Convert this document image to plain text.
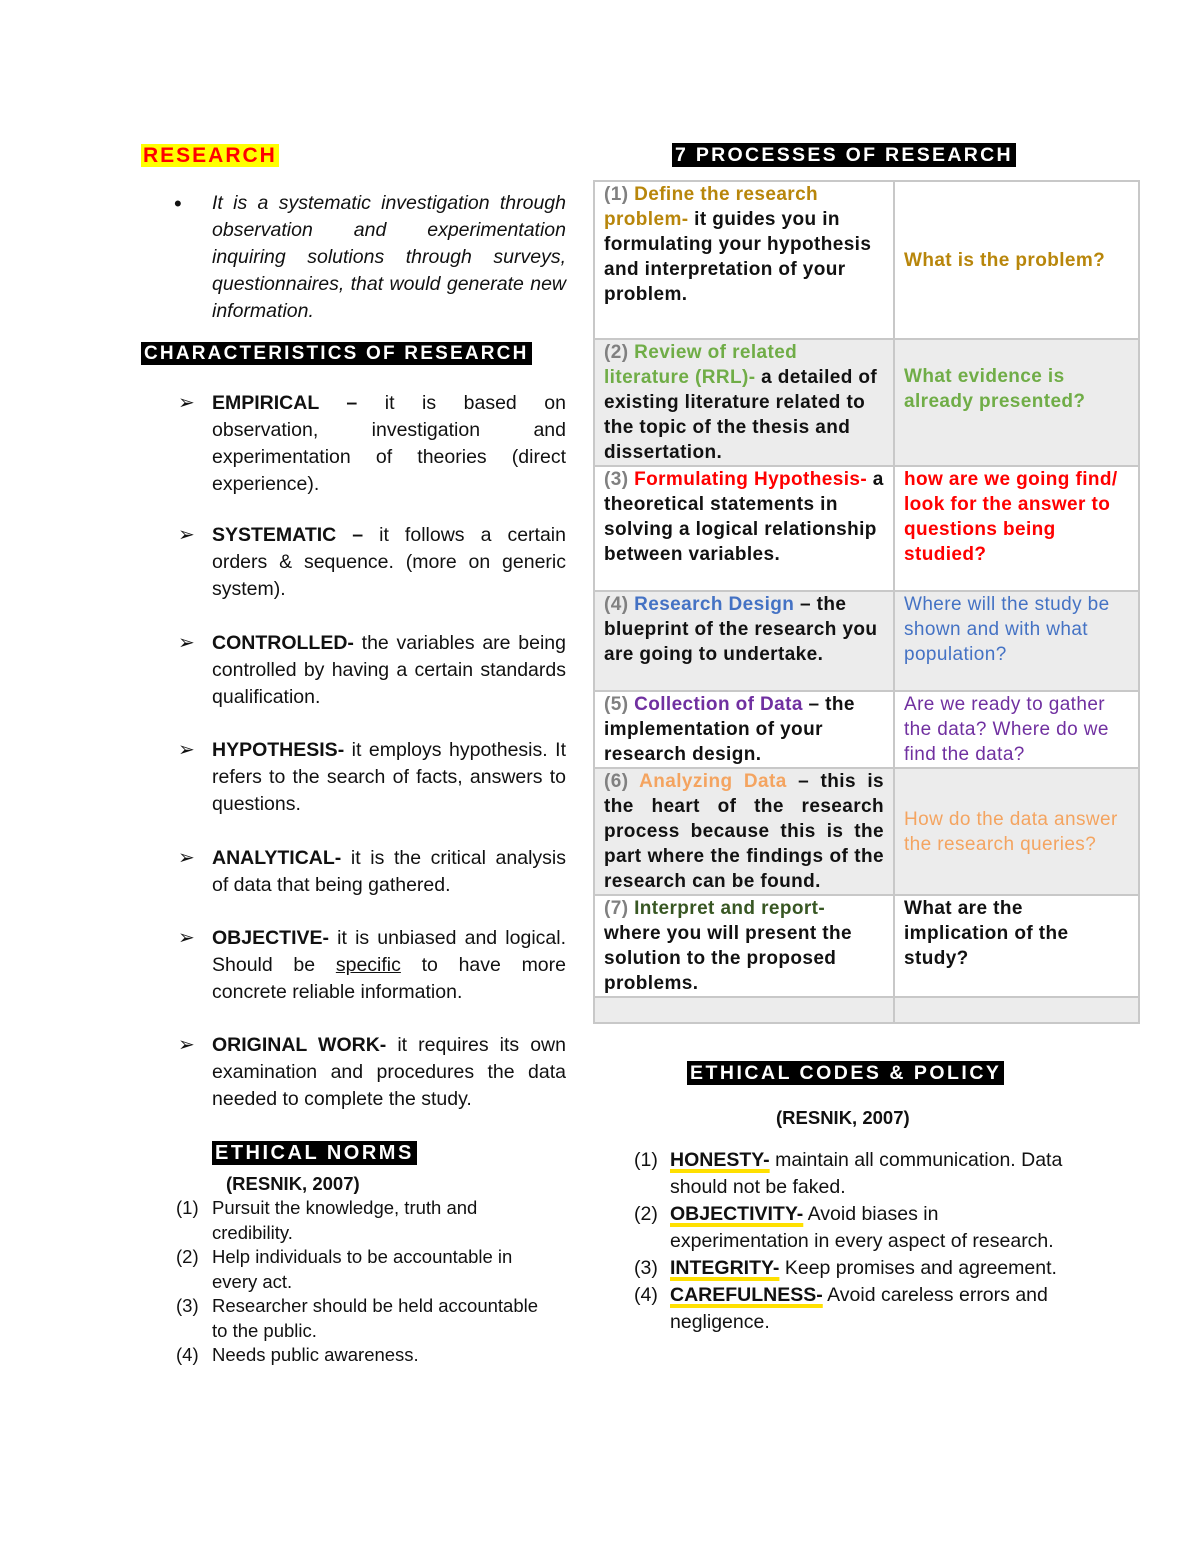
RESEARCH
• It is a systematic investigation through observation and experimentation inquiring solutions through surveys, questionnaires, that would generate new information.
CHARACTERISTICS OF RESEARCH
➢ EMPIRICAL – it is based on observation, investigation and experimentation of theories (direct experience).
➢ SYSTEMATIC – it follows a certain orders & sequence. (more on generic system).
➢ CONTROLLED- the variables are being controlled by having a certain standards qualification.
➢ HYPOTHESIS- it employs hypothesis. It refers to the search of facts, answers to questions.
➢ ANALYTICAL- it is the critical analysis of data that being gathered.
➢ OBJECTIVE- it is unbiased and logical. Should be specific to have more concrete reliable information.
➢ ORIGINAL WORK- it requires its own examination and procedures the data needed to complete the study.
ETHICAL NORMS
(RESNIK, 2007)
(1) Pursuit the knowledge, truth and credibility.
(2) Help individuals to be accountable in every act.
(3) Researcher should be held accountable to the public.
(4) Needs public awareness.
7 PROCESSES OF RESEARCH
(1) Define the research problem- it guides you in formulating your hypothesis and interpretation of your problem.	What is the problem?
(2) Review of related literature (RRL)- a detailed of existing literature related to the topic of the thesis and dissertation.	What evidence is already presented?
(3) Formulating Hypothesis- a theoretical statements in solving a logical relationship between variables.	how are we going find/ look for the answer to questions being studied?
(4) Research Design – the blueprint of the research you are going to undertake.	Where will the study be shown and with what population?
(5) Collection of Data – the implementation of your research design.	Are we ready to gather the data? Where do we find the data?
(6) Analyzing Data – this is the heart of the research process because this is the part where the findings of the research can be found.	How do the data answer the research queries?
(7) Interpret and report- where you will present the solution to the proposed problems.	What are the implication of the study?

ETHICAL CODES & POLICY
(RESNIK, 2007)
(1) HONESTY- maintain all communication. Data should not be faked.
(2) OBJECTIVITY- Avoid biases in experimentation in every aspect of research.
(3) INTEGRITY- Keep promises and agreement.
(4) CAREFULNESS- Avoid careless errors and negligence.
